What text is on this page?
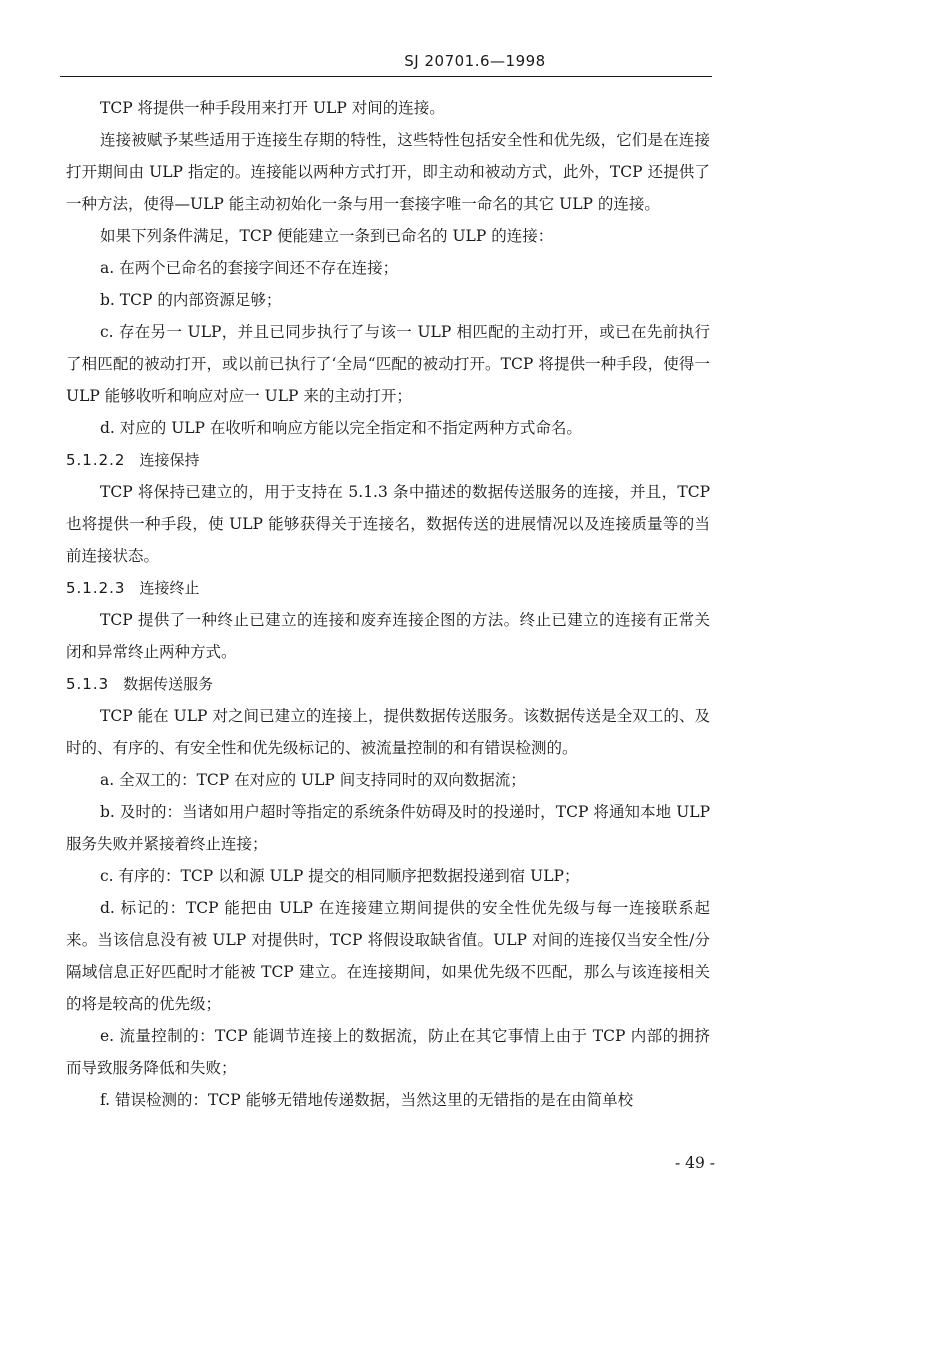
SJ 20701.6—1998

TCP 将提供一种手段用来打开 ULP 对间的连接。

连接被赋予某些适用于连接生存期的特性，这些特性包括安全性和优先级，它们是在连接打开期间由 ULP 指定的。连接能以两种方式打开，即主动和被动方式，此外，TCP 还提供了一种方法，使得—ULP 能主动初始化一条与用一套接字唯一命名的其它 ULP 的连接。

如果下列条件满足，TCP 便能建立一条到已命名的 ULP 的连接：

a. 在两个已命名的套接字间还不存在连接；

b. TCP 的内部资源足够；

c. 存在另一 ULP，并且已同步执行了与该一 ULP 相匹配的主动打开，或已在先前执行了相匹配的被动打开，或以前已执行了‘全局“匹配的被动打开。TCP 将提供一种手段，使得一 ULP 能够收听和响应对应一 ULP 来的主动打开；

d. 对应的 ULP 在收听和响应方能以完全指定和不指定两种方式命名。

5.1.2.2 连接保持

TCP 将保持已建立的，用于支持在 5.1.3 条中描述的数据传送服务的连接，并且，TCP 也将提供一种手段，使 ULP 能够获得关于连接名，数据传送的进展情况以及连接质量等的当前连接状态。

5.1.2.3 连接终止

TCP 提供了一种终止已建立的连接和废弃连接企图的方法。终止已建立的连接有正常关闭和异常终止两种方式。

5.1.3 数据传送服务

TCP 能在 ULP 对之间已建立的连接上，提供数据传送服务。该数据传送是全双工的、及时的、有序的、有安全性和优先级标记的、被流量控制的和有错误检测的。

a. 全双工的：TCP 在对应的 ULP 间支持同时的双向数据流；

b. 及时的：当诸如用户超时等指定的系统条件妨碍及时的投递时，TCP 将通知本地 ULP 服务失败并紧接着终止连接；

c. 有序的：TCP 以和源 ULP 提交的相同顺序把数据投递到宿 ULP；

d. 标记的：TCP 能把由 ULP 在连接建立期间提供的安全性优先级与每一连接联系起来。当该信息没有被 ULP 对提供时，TCP 将假设取缺省值。ULP 对间的连接仅当安全性/分隔域信息正好匹配时才能被 TCP 建立。在连接期间，如果优先级不匹配，那么与该连接相关的将是较高的优先级；

e. 流量控制的：TCP 能调节连接上的数据流，防止在其它事情上由于 TCP 内部的拥挤而导致服务降低和失败；

f. 错误检测的：TCP 能够无错地传递数据，当然这里的无错指的是在由简单校

- 49 -
